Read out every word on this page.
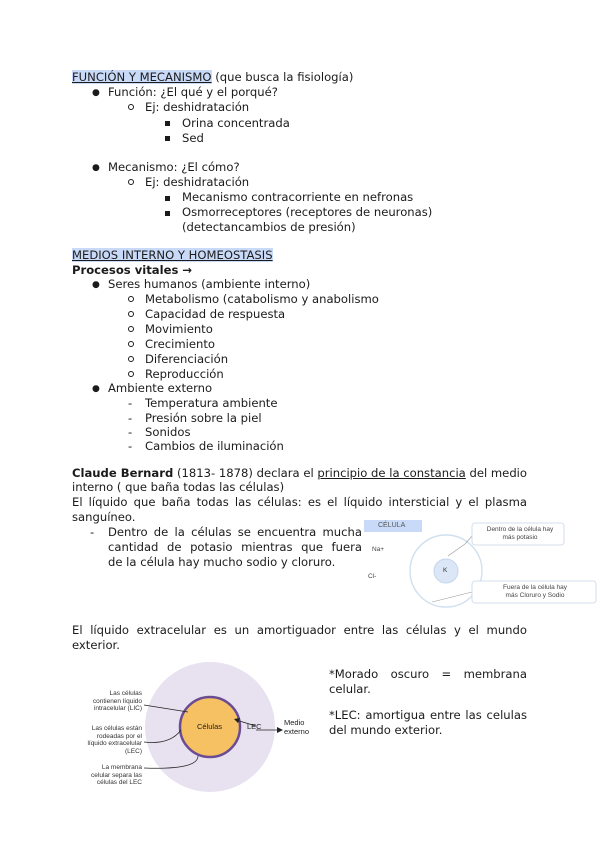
FUNCIÓN Y MECANISMO (que busca la fisiología)
● Función: ¿El qué y el porqué?
Ej: deshidratación
Orina concentrada
Sed
● Mecanismo: ¿El cómo?
Ej: deshidratación
Mecanismo contracorriente en nefronas
Osmorreceptores (receptores de neuronas)
(detectancambios de presión)
MEDIOS INTERNO Y HOMEOSTASIS
Procesos vitales →
● Seres humanos (ambiente interno)
Metabolismo (catabolismo y anabolismo
Capacidad de respuesta
Movimiento
Crecimiento
Diferenciación
Reproducción
● Ambiente externo
- Temperatura ambiente
- Presión sobre la piel
- Sonidos
- Cambios de iluminación
Claude Bernard (1813- 1878) declara el principio de la constancia del medio
interno ( que baña todas las células)
El líquido que baña todas las células: es el líquido intersticial y el plasma
sanguíneo.
- Dentro de la células se encuentra mucha
cantidad de potasio mientras que fuera
de la célula hay mucho sodio y cloruro.
CÉLULA
K
Na+
Cl-
Dentro de la célula hay
más potasio
Fuera de la célula hay
más Cloruro y Sodio
El líquido extracelular es un amortiguador entre las células y el mundo
exterior.
Células	LEC	Medio
externo
Las células
contienen líquido
intracelular (LIC)
Las células están
rodeadas por el
líquido extracelular
(LEC)
La membrana
celular separa las
células del LEC
*Morado oscuro = membrana
celular.
*LEC: amortigua entre las celulas
del mundo exterior.
